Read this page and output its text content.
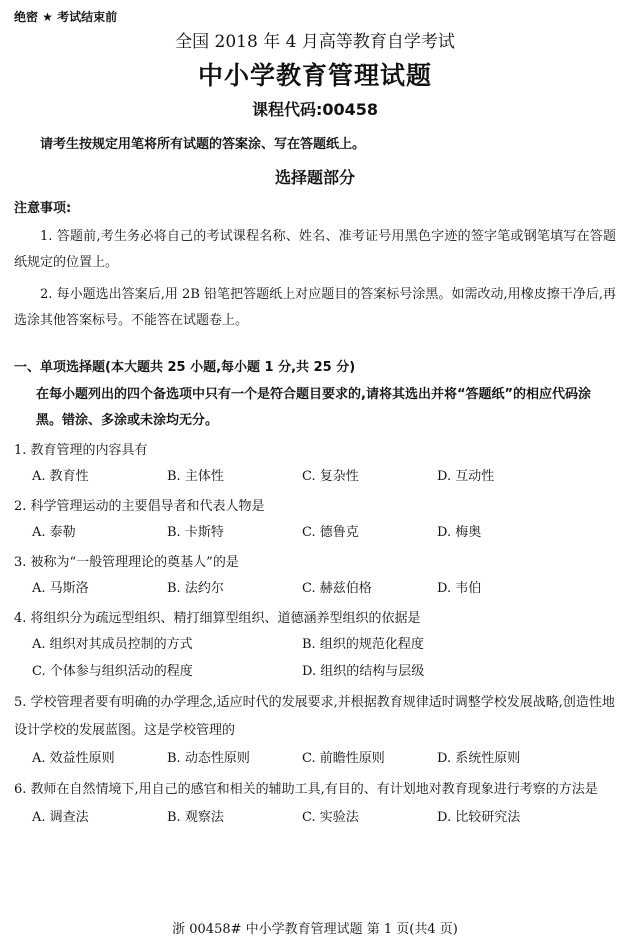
绝密 ★ 考试结束前
全国 2018 年 4 月高等教育自学考试
中小学教育管理试题
课程代码:00458
请考生按规定用笔将所有试题的答案涂、写在答题纸上。
选择题部分
注意事项:
1. 答题前,考生务必将自己的考试课程名称、姓名、准考证号用黑色字迹的签字笔或钢笔填写在答题纸规定的位置上。
2. 每小题选出答案后,用 2B 铅笔把答题纸上对应题目的答案标号涂黑。如需改动,用橡皮擦干净后,再选涂其他答案标号。不能答在试题卷上。
一、单项选择题(本大题共 25 小题,每小题 1 分,共 25 分)
在每小题列出的四个备选项中只有一个是符合题目要求的,请将其选出并将“答题纸”的相应代码涂黑。错涂、多涂或未涂均无分。
1. 教育管理的内容具有
A. 教育性	B. 主体性	C. 复杂性	D. 互动性
2. 科学管理运动的主要倡导者和代表人物是
A. 泰勒	B. 卡斯特	C. 德鲁克	D. 梅奥
3. 被称为“一般管理理论的奠基人”的是
A. 马斯洛	B. 法约尔	C. 赫兹伯格	D. 韦伯
4. 将组织分为疏远型组织、精打细算型组织、道德涵养型组织的依据是
A. 组织对其成员控制的方式	B. 组织的规范化程度
C. 个体参与组织活动的程度	D. 组织的结构与层级
5. 学校管理者要有明确的办学理念,适应时代的发展要求,并根据教育规律适时调整学校发展战略,创造性地设计学校的发展蓝图。这是学校管理的
A. 效益性原则	B. 动态性原则	C. 前瞻性原则	D. 系统性原则
6. 教师在自然情境下,用自己的感官和相关的辅助工具,有目的、有计划地对教育现象进行考察的方法是
A. 调查法	B. 观察法	C. 实验法	D. 比较研究法
浙 00458# 中小学教育管理试题 第 1 页(共4 页)
